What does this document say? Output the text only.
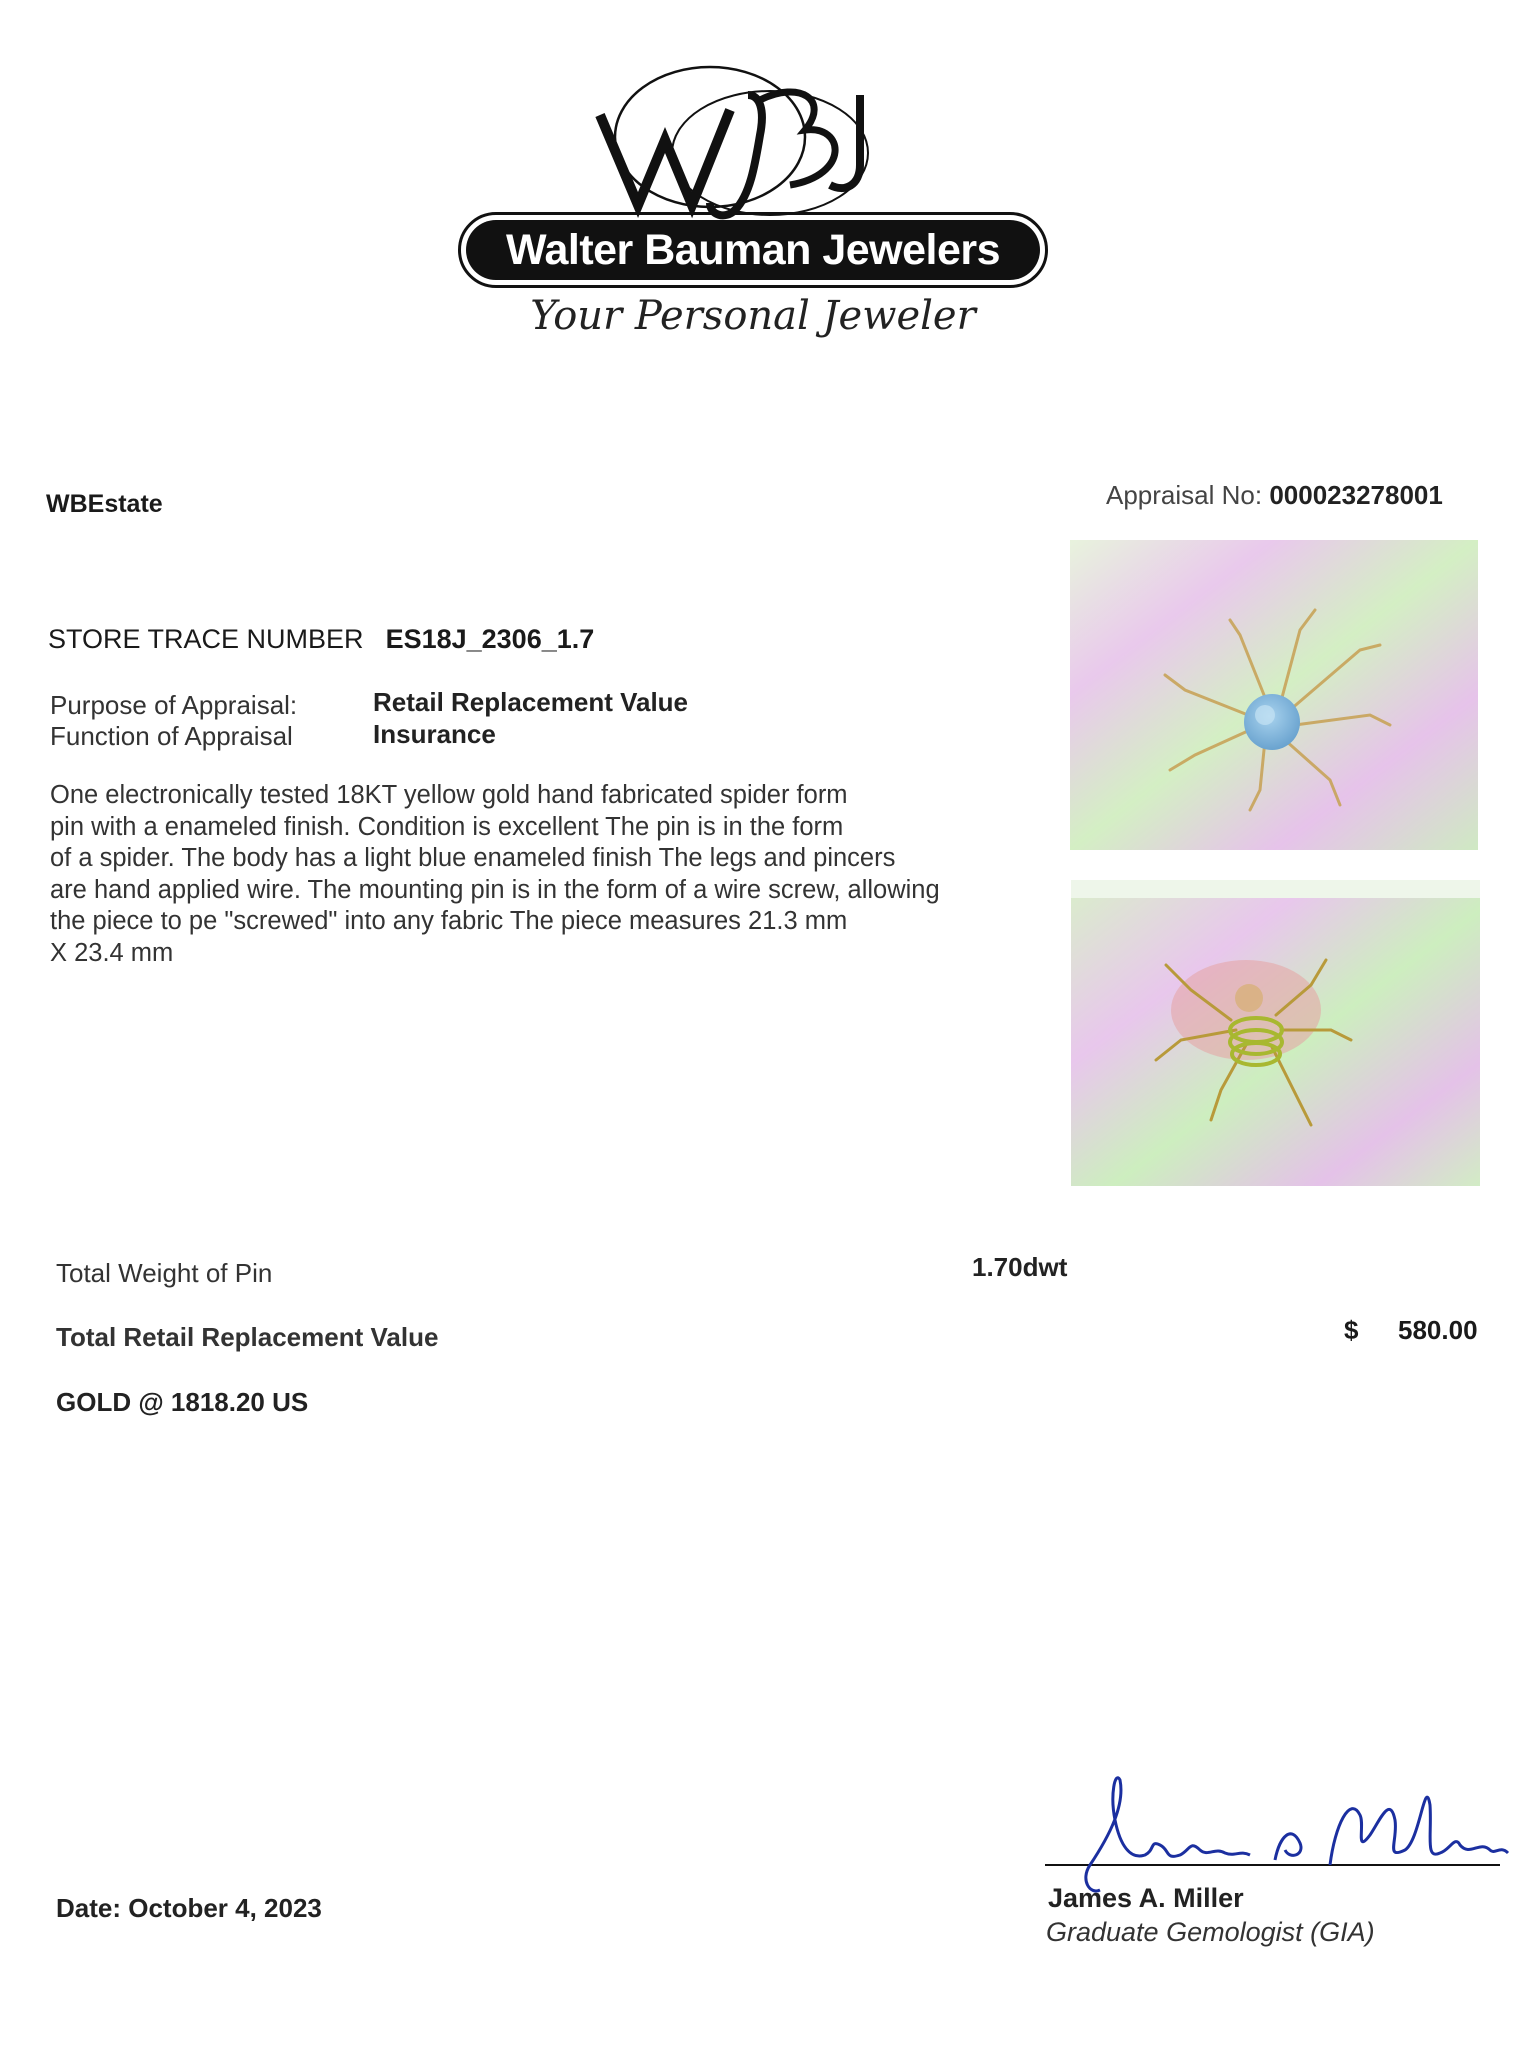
Walter Bauman Jewelers
Your Personal Jeweler
WBEstate	Appraisal No: 000023278001
STORE TRACE NUMBER ES18J_2306_1.7
Purpose of Appraisal:	Retail Replacement Value
Function of Appraisal	Insurance
One electronically tested 18KT yellow gold hand fabricated spider form
pin with a enameled finish. Condition is excellent The pin is in the form
of a spider. The body has a light blue enameled finish The legs and pincers
are hand applied wire. The mounting pin is in the form of a wire screw, allowing
the piece to pe "screwed" into any fabric The piece measures 21.3 mm
X 23.4 mm
Total Weight of Pin	1.70dwt
Total Retail Replacement Value	$ 580.00
GOLD @ 1818.20 US
Date: October 4, 2023	James A. Miller
Graduate Gemologist (GIA)
